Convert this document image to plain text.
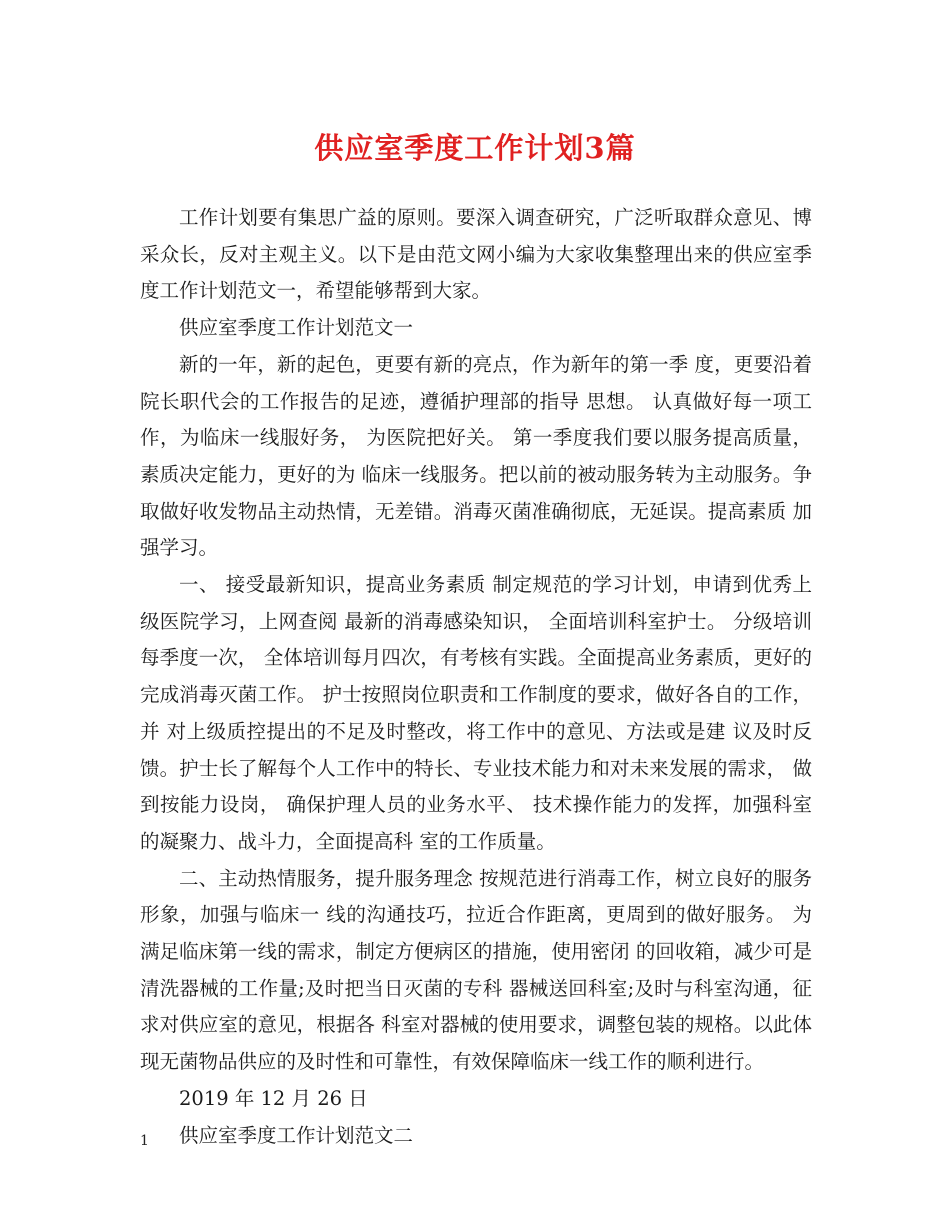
供应室季度工作计划3篇

工作计划要有集思广益的原则。要深入调查研究，广泛听取群众意见、博采众长，反对主观主义。以下是由范文网小编为大家收集整理出来的供应室季度工作计划范文一，希望能够帮到大家。

供应室季度工作计划范文一

新的一年，新的起色，更要有新的亮点，作为新年的第一季 度，更要沿着院长职代会的工作报告的足迹，遵循护理部的指导 思想。 认真做好每一项工作，为临床一线服好务， 为医院把好关。 第一季度我们要以服务提高质量，素质决定能力，更好的为 临床一线服务。把以前的被动服务转为主动服务。争取做好收发物品主动热情，无差错。消毒灭菌准确彻底，无延误。提高素质 加强学习。

一、 接受最新知识，提高业务素质 制定规范的学习计划，申请到优秀上级医院学习，上网查阅 最新的消毒感染知识， 全面培训科室护士。 分级培训每季度一次， 全体培训每月四次，有考核有实践。全面提高业务素质，更好的 完成消毒灭菌工作。 护士按照岗位职责和工作制度的要求，做好各自的工作，并 对上级质控提出的不足及时整改，将工作中的意见、方法或是建 议及时反馈。护士长了解每个人工作中的特长、专业技术能力和对未来发展的需求， 做到按能力设岗， 确保护理人员的业务水平、 技术操作能力的发挥，加强科室的凝聚力、战斗力，全面提高科 室的工作质量。

二、主动热情服务，提升服务理念 按规范进行消毒工作，树立良好的服务形象，加强与临床一 线的沟通技巧，拉近合作距离，更周到的做好服务。 为满足临床第一线的需求，制定方便病区的措施，使用密闭 的回收箱，减少可是清洗器械的工作量;及时把当日灭菌的专科 器械送回科室;及时与科室沟通，征求对供应室的意见，根据各 科室对器械的使用要求，调整包装的规格。以此体现无菌物品供应的及时性和可靠性，有效保障临床一线工作的顺利进行。

2019 年 12 月 26 日

供应室季度工作计划范文二

1
